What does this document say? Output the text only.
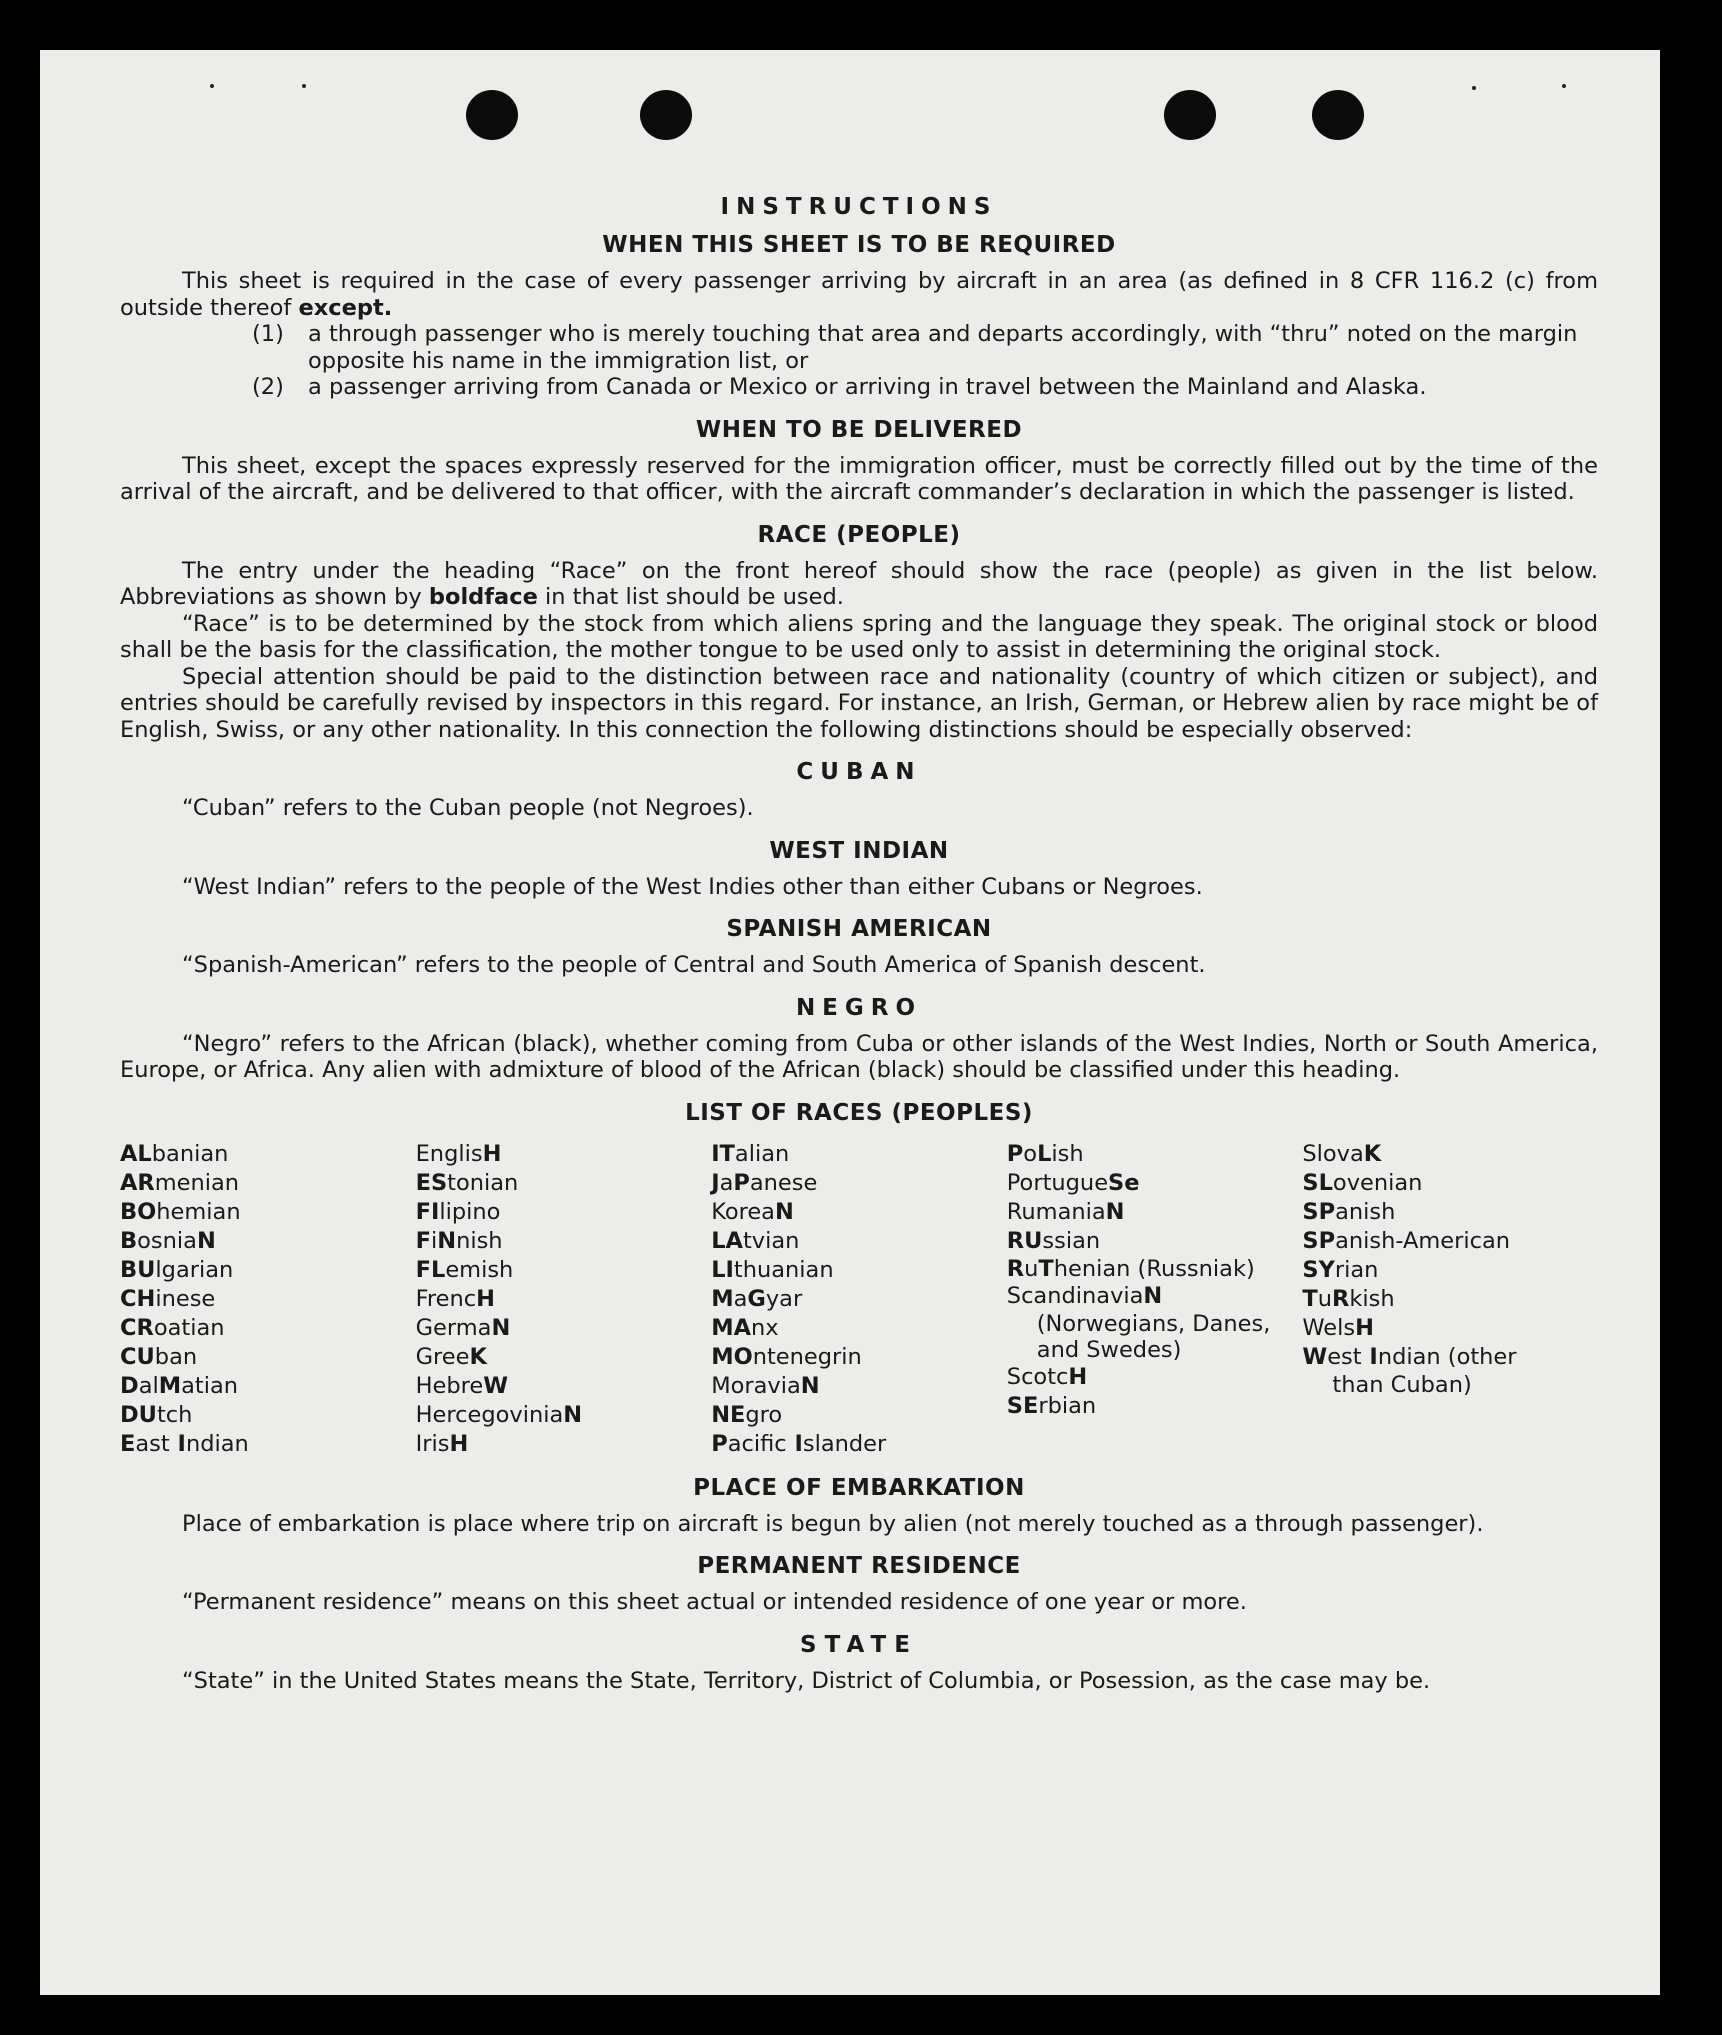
INSTRUCTIONS
WHEN THIS SHEET IS TO BE REQUIRED

This sheet is required in the case of every passenger arriving by aircraft in an area (as defined in 8 CFR 116.2 (c) from outside thereof except.

(1)	a through passenger who is merely touching that area and departs accordingly, with “thru” noted on the margin opposite his name in the immigration list, or
(2)	a passenger arriving from Canada or Mexico or arriving in travel between the Mainland and Alaska.
WHEN TO BE DELIVERED

This sheet, except the spaces expressly reserved for the immigration officer, must be correctly filled out by the time of the arrival of the aircraft, and be delivered to that officer, with the aircraft commander’s declaration in which the passenger is listed.

RACE (PEOPLE)

The entry under the heading “Race” on the front hereof should show the race (people) as given in the list below. Abbreviations as shown by boldface in that list should be used.

“Race” is to be determined by the stock from which aliens spring and the language they speak. The original stock or blood shall be the basis for the classification, the mother tongue to be used only to assist in determining the original stock.

Special attention should be paid to the distinction between race and nationality (country of which citizen or subject), and entries should be carefully revised by inspectors in this regard. For instance, an Irish, German, or Hebrew alien by race might be of English, Swiss, or any other nationality. In this connection the following distinctions should be especially observed:

CUBAN

“Cuban” refers to the Cuban people (not Negroes).

WEST INDIAN

“West Indian” refers to the people of the West Indies other than either Cubans or Negroes.

SPANISH AMERICAN

“Spanish-American” refers to the people of Central and South America of Spanish descent.

NEGRO

“Negro” refers to the African (black), whether coming from Cuba or other islands of the West Indies, North or South America, Europe, or Africa. Any alien with admixture of blood of the African (black) should be classified under this heading.

LIST OF RACES (PEOPLES)
ALbanian
ARmenian
BOhemian
BosniaN
BUlgarian
CHinese
CRoatian
CUban
DalMatian
DUtch
East Indian
EnglisH
EStonian
FIlipino
FiNnish
FLemish
FrencH
GermaN
GreeK
HebreW
HercegoviniaN
IrisH
ITalian
JaPanese
KoreaN
LAtvian
LIthuanian
MaGyar
MAnx
MOntenegrin
MoraviaN
NEgro
Pacific Islander
PoLish
PortugueSe
RumaniaN
RUssian
RuThenian (Russniak)
ScandinaviaN
(Norwegians, Danes, and Swedes)
ScotcH
SErbian
SlovaK
SLovenian
SPanish
SPanish-American
SYrian
TuRkish
WelsH
West Indian (other
than Cuban)
PLACE OF EMBARKATION

Place of embarkation is place where trip on aircraft is begun by alien (not merely touched as a through passenger).

PERMANENT RESIDENCE

“Permanent residence” means on this sheet actual or intended residence of one year or more.

STATE

“State” in the United States means the State, Territory, District of Columbia, or Posession, as the case may be.
